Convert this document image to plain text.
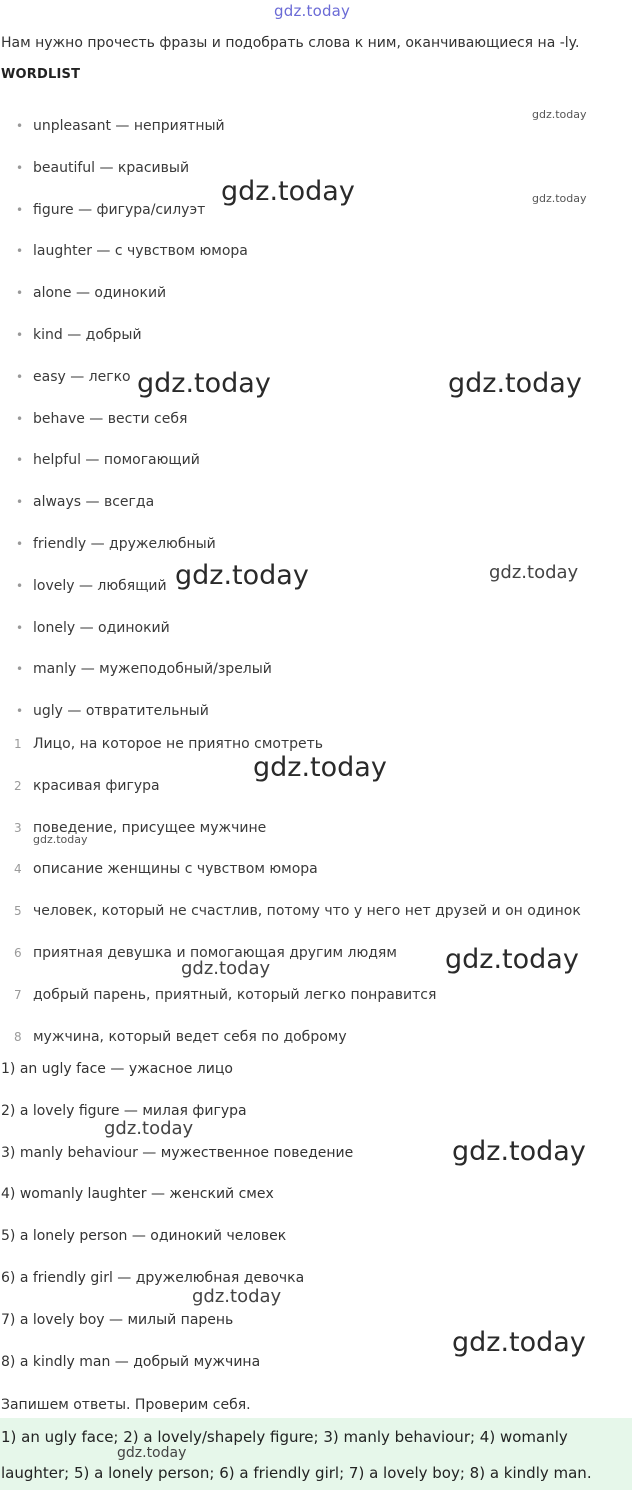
gdz.today
Нам нужно прочесть фразы и подобрать слова к ним, оканчивающиеся на -ly.
WORDLIST
• unpleasant — неприятный
• beautiful — красивый
• figure — фигура/силуэт
• laughter — с чувством юмора
• alone — одинокий
• kind — добрый
• easy — легко
• behave — вести себя
• helpful — помогающий
• always — всегда
• friendly — дружелюбный
• lovely — любящий
• lonely — одинокий
• manly — мужеподобный/зрелый
• ugly — отвратительный
1 Лицо, на которое не приятно смотреть
2 красивая фигура
3 поведение, присущее мужчине
4 описание женщины с чувством юмора
5 человек, который не счастлив, потому что у него нет друзей и он одинок
6 приятная девушка и помогающая другим людям
7 добрый парень, приятный, который легко понравится
8 мужчина, который ведет себя по доброму
1) an ugly face — ужасное лицо
2) a lovely figure — милая фигура
3) manly behaviour — мужественное поведение
4) womanly laughter — женский смех
5) a lonely person — одинокий человек
6) a friendly girl — дружелюбная девочка
7) a lovely boy — милый парень
8) a kindly man — добрый мужчина
Запишем ответы. Проверим себя.
1) an ugly face; 2) a lovely/shapely figure; 3) manly behaviour; 4) womanly
laughter; 5) a lonely person; 6) a friendly girl; 7) a lovely boy; 8) a kindly man.
gdz.today
gdz.today	gdz.today
gdz.today	gdz.today
gdz.today
gdz.today
gdz.today
gdz.today
gdz.today
gdz.today
gdz.today
gdz.today
gdz.today
gdz.today
gdz.today
